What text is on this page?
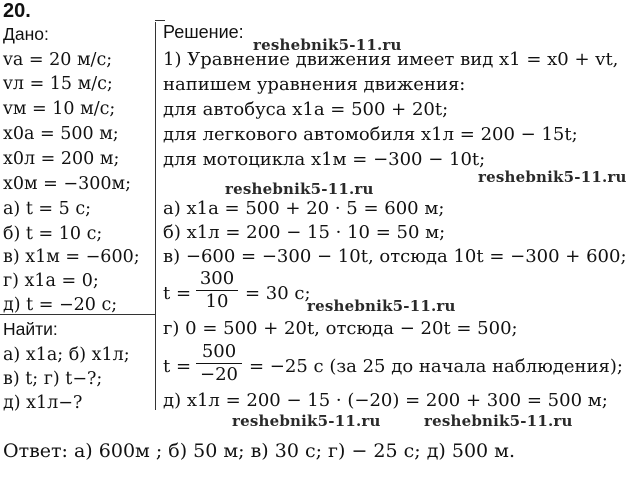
20.
Дано:
vа = 20 м/с;
vл = 15 м/с;
vм = 10 м/с;
x0а = 500 м;
x0л = 200 м;
x0м = −300м;
а) t = 5 с;
б) t = 10 с;
в) x1м = −600;
г) x1а = 0;
д) t = −20 с;
Найти:
а) x1а; б) x1л;
в) t; г) t−?;
д) x1л−?
Решение:
1) Уравнение движения имеет вид x1 = x0 + vt,
напишем уравнения движения:
для автобуса x1а = 500 + 20t;
для легкового автомобиля x1л = 200 − 15t;
для мотоцикла x1м = −300 − 10t;
а) x1а = 500 + 20 · 5 = 600 м;
б) x1л = 200 − 15 · 10 = 50 м;
в) −600 = −300 − 10t, отсюда 10t = −300 + 600;
$t = \frac{300}{10} = 30$ с;
г) 0 = 500 + 20t, отсюда − 20t = 500;
$t = \frac{500}{-20} = -25$ с (за 25 до начала наблюдения);
д) x1л = 200 − 15 · (−20) = 200 + 300 = 500 м;
Ответ: а) 600м ; б) 50 м; в) 30 с; г) − 25 с; д) 500 м.
reshebnik5-11.ru
reshebnik5-11.ru
reshebnik5-11.ru
reshebnik5-11.ru
reshebnik5-11.ru	reshebnik5-11.ru
